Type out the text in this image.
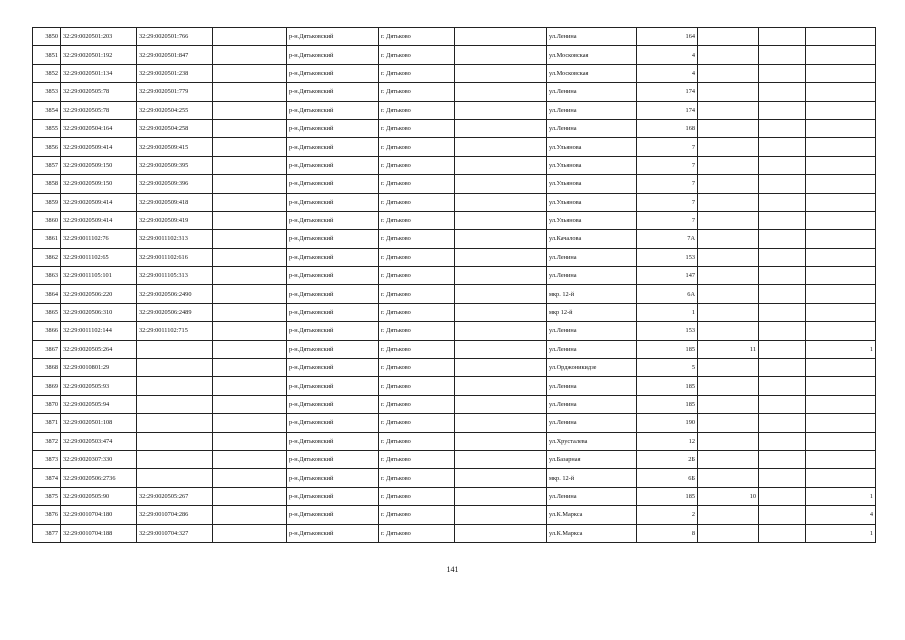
3850	32:29:0020501:203	32:29:0020501:766		р-н.Дятьковский	г. Дятьково		ул.Ленина	164			
3851	32:29:0020501:192	32:29:0020501:847		р-н.Дятьковский	г. Дятьково		ул.Московская	4			
3852	32:29:0020501:134	32:29:0020501:238		р-н.Дятьковский	г. Дятьково		ул.Московская	4			
3853	32:29:0020505:78	32:29:0020501:779		р-н.Дятьковский	г. Дятьково		ул.Ленина	174			
3854	32:29:0020505:78	32:29:0020504:255		р-н.Дятьковский	г. Дятьково		ул.Ленина	174			
3855	32:29:0020504:164	32:29:0020504:258		р-н.Дятьковский	г. Дятьково		ул.Ленина	168			
3856	32:29:0020509:414	32:29:0020509:415		р-н.Дятьковский	г. Дятьково		ул.Ульянова	7			
3857	32:29:0020509:150	32:29:0020509:395		р-н.Дятьковский	г. Дятьково		ул.Ульянова	7			
3858	32:29:0020509:150	32:29:0020509:396		р-н.Дятьковский	г. Дятьково		ул.Ульянова	7			
3859	32:29:0020509:414	32:29:0020509:418		р-н.Дятьковский	г. Дятьково		ул.Ульянова	7			
3860	32:29:0020509:414	32:29:0020509:419		р-н.Дятьковский	г. Дятьково		ул.Ульянова	7			
3861	32:29:0011102:76	32:29:0011102:313		р-н.Дятьковский	г. Дятьково		ул.Качалова	7А			
3862	32:29:0011102:65	32:29:0011102:616		р-н.Дятьковский	г. Дятьково		ул.Ленина	153			
3863	32:29:0011105:101	32:29:0011105:313		р-н.Дятьковский	г. Дятьково		ул.Ленина	147			
3864	32:29:0020506:220	32:29:0020506:2490		р-н.Дятьковский	г. Дятьково		мкр. 12-й	6А			
3865	32:29:0020506:310	32:29:0020506:2489		р-н.Дятьковский	г. Дятьково		мкр 12-й	1			
3866	32:29:0011102:144	32:29:0011102:715		р-н.Дятьковский	г. Дятьково		ул.Ленина	153			
3867	32:29:0020505:264			р-н.Дятьковский	г. Дятьково		ул.Ленина	185	11		1
3868	32:29:0010801:29			р-н.Дятьковский	г. Дятьково		ул.Орджоникидзе	5			
3869	32:29:0020505:93			р-н.Дятьковский	г. Дятьково		ул.Ленина	185			
3870	32:29:0020505:94			р-н.Дятьковский	г. Дятьково		ул.Ленина	185			
3871	32:29:0020501:108			р-н.Дятьковский	г. Дятьково		ул.Ленина	190			
3872	32:29:0020503:474			р-н.Дятьковский	г. Дятьково		ул.Хрусталева	12			
3873	32:29:0020307:330			р-н.Дятьковский	г. Дятьково		ул.Базарная	2Б			
3874	32:29:0020506:2736			р-н.Дятьковский	г. Дятьково		мкр. 12-й	6Б			
3875	32:29:0020505:90	32:29:0020505:267		р-н.Дятьковский	г. Дятьково		ул.Ленина	185	10		1
3876	32:29:0010704:180	32:29:0010704:286		р-н.Дятьковский	г. Дятьково		ул.К.Маркса	2			4
3877	32:29:0010704:188	32:29:0010704:327		р-н.Дятьковский	г. Дятьково		ул.К.Маркса	8			1
141
